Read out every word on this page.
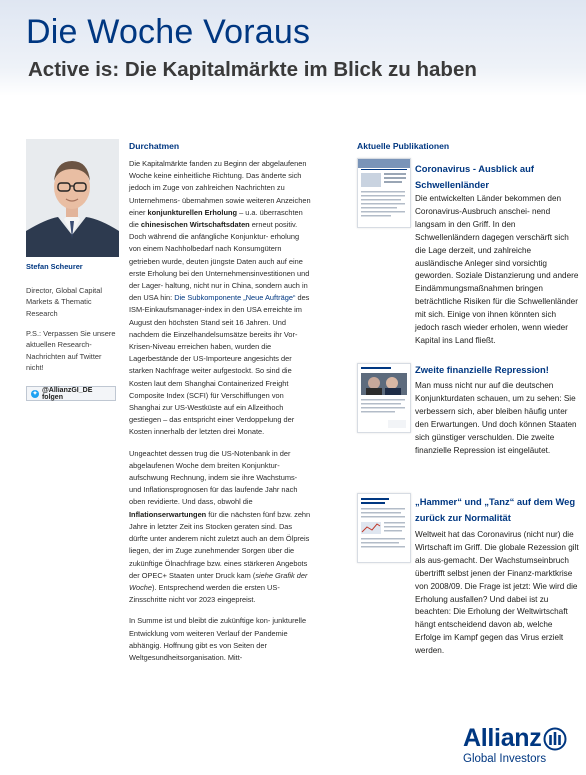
Die Woche Voraus
Active is: Die Kapitalmärkte im Blick zu haben
Stefan Scheurer
Director, Global Capital Markets & Thematic Research
P.S.: Verpassen Sie unsere aktuellen Research-Nachrichten auf Twitter nicht!
✦ @AllianzGI_DE folgen
Durchatmen

Die Kapitalmärkte fanden zu Beginn der abgelaufenen Woche keine einheitliche Richtung. Das änderte sich jedoch im Zuge von zahlreichen Nachrichten zu Unternehmens- übernahmen sowie weiteren Anzeichen einer konjunkturellen Erholung – u.a. überraschten die chinesischen Wirtschaftsdaten erneut positiv. Doch während die anfängliche Konjunktur- erholung von einem Nachholbedarf nach Konsumgütern getrieben wurde, deuten jüngste Daten auch auf eine erste Erholung bei den Unternehmensinvestitionen und der Lager- haltung, nicht nur in China, sondern auch in den USA hin: Die Subkomponente „Neue Aufträge“ des ISM-Einkaufsmanager-index in den USA erreichte im August den höchsten Stand seit 16 Jahren. Und nachdem die Einzelhandelsumsätze bereits ihr Vor-Krisen-Niveau erreichen haben, wurden die Lagerbestände der US-Importeure angesichts der starken Nachfrage weiter aufgestockt. So sind die Kosten laut dem Shanghai Containerized Freight Composite Index (SCFI) für Verschiffungen von Shanghai zur US-Westküste auf ein Allzeithoch gestiegen – das entspricht einer Verdoppelung der Kosten innerhalb der letzten drei Monate.

Ungeachtet dessen trug die US-Notenbank in der abgelaufenen Woche dem breiten Konjunktur- aufschwung Rechnung, indem sie ihre Wachstums- und Inflationsprognosen für das laufende Jahr nach oben revidierte. Und dass, obwohl die Inflationserwartungen für die nächsten fünf bzw. zehn Jahre in letzter Zeit ins Stocken geraten sind. Das dürfte unter anderem nicht zuletzt auch an dem Ölpreis liegen, der im Zuge zunehmender Sorgen über die zukünftige Ölnachfrage bzw. eines stärkeren Angebots der OPEC+ Staaten unter Druck kam (siehe Grafik der Woche). Entsprechend werden die ersten US-Zinsschritte nicht vor 2023 eingepreist.

In Summe ist und bleibt die zukünftige kon- junkturelle Entwicklung vom weiteren Verlauf der Pandemie abhängig. Hoffnung gibt es von Seiten der Weltgesundheitsorganisation. Mitt-

Aktuelle Publikationen
Coronavirus - Ausblick auf Schwellenländer
Die entwickelten Länder bekommen den Coronavirus-Ausbruch anschei- nend langsam in den Griff. In den Schwellenländern dagegen verschärft sich die Lage derzeit, und zahlreiche ausländische Anleger sind vorsichtig geworden. Soziale Distanzierung und andere Eindämmungsmaßnahmen bringen beträchtliche Risiken für die Schwellenländer mit sich. Einige von ihnen könnten sich jedoch rasch wieder erholen, wenn wieder Kapital ins Land fließt.
Zweite finanzielle Repression!
Man muss nicht nur auf die deutschen Konjunkturdaten schauen, um zu sehen: Sie verbessern sich, aber bleiben häufig unter den Erwartungen. Und doch können Staaten sich günstiger verschulden. Die zweite finanzielle Repression ist eingeläutet.
„Hammer“ und „Tanz“ auf dem Weg zurück zur Normalität
Weltweit hat das Coronavirus (nicht nur) die Wirtschaft im Griff. Die globale Rezession gilt als aus-gemacht. Der Wachstumseinbruch übertrifft selbst jenen der Finanz-marktkrise von 2008/09. Die Frage ist jetzt: Wie wird die Erholung ausfallen? Und dabei ist zu beachten: Die Erholung der Weltwirtschaft hängt entscheidend davon ab, welche Erfolge im Kampf gegen das Virus erzielt werden.
Allianz
Global Investors
